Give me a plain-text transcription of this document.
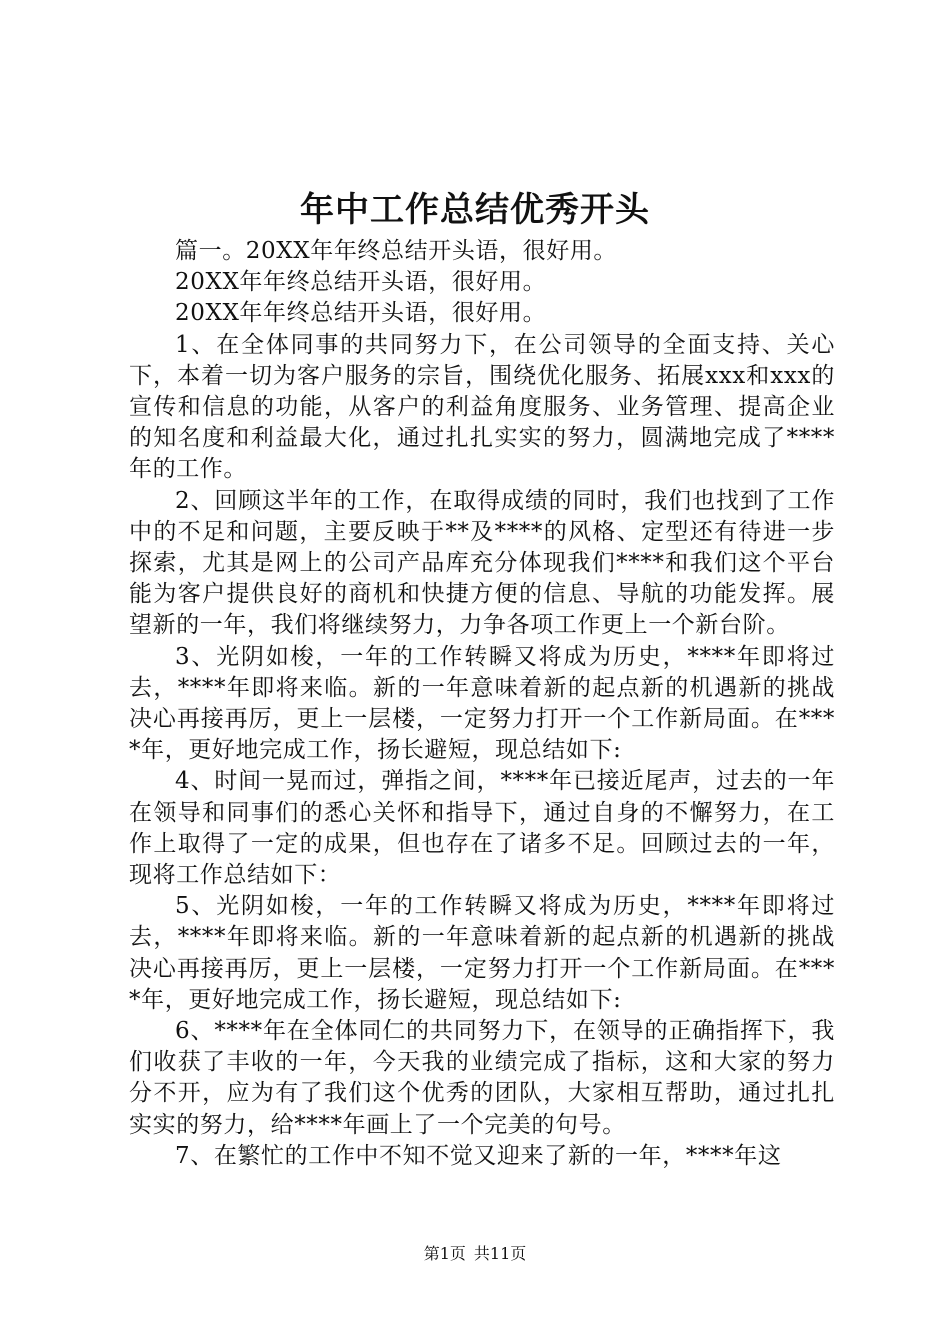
年中工作总结优秀开头

篇一。20XX年年终总结开头语，很好用。

20XX年年终总结开头语，很好用。

20XX年年终总结开头语，很好用。

1、在全体同事的共同努力下，在公司领导的全面支持、关心下，本着一切为客户服务的宗旨，围绕优化服务、拓展xxx和xxx的宣传和信息的功能，从客户的利益角度服务、业务管理、提高企业的知名度和利益最大化，通过扎扎实实的努力，圆满地完成了****年的工作。

2、回顾这半年的工作，在取得成绩的同时，我们也找到了工作中的不足和问题，主要反映于**及****的风格、定型还有待进一步探索，尤其是网上的公司产品库充分体现我们****和我们这个平台能为客户提供良好的商机和快捷方便的信息、导航的功能发挥。展望新的一年，我们将继续努力，力争各项工作更上一个新台阶。

3、光阴如梭，一年的工作转瞬又将成为历史，****年即将过去，****年即将来临。新的一年意味着新的起点新的机遇新的挑战决心再接再厉，更上一层楼，一定努力打开一个工作新局面。在****年，更好地完成工作，扬长避短，现总结如下:

4、时间一晃而过，弹指之间，****年已接近尾声，过去的一年在领导和同事们的悉心关怀和指导下，通过自身的不懈努力，在工作上取得了一定的成果，但也存在了诸多不足。回顾过去的一年，现将工作总结如下：

5、光阴如梭，一年的工作转瞬又将成为历史，****年即将过去，****年即将来临。新的一年意味着新的起点新的机遇新的挑战决心再接再厉，更上一层楼，一定努力打开一个工作新局面。在****年，更好地完成工作，扬长避短，现总结如下:

6、****年在全体同仁的共同努力下，在领导的正确指挥下，我们收获了丰收的一年，今天我的业绩完成了指标，这和大家的努力分不开，应为有了我们这个优秀的团队，大家相互帮助，通过扎扎实实的努力，给****年画上了一个完美的句号。

7、在繁忙的工作中不知不觉又迎来了新的一年，****年这

第1页 共11页
